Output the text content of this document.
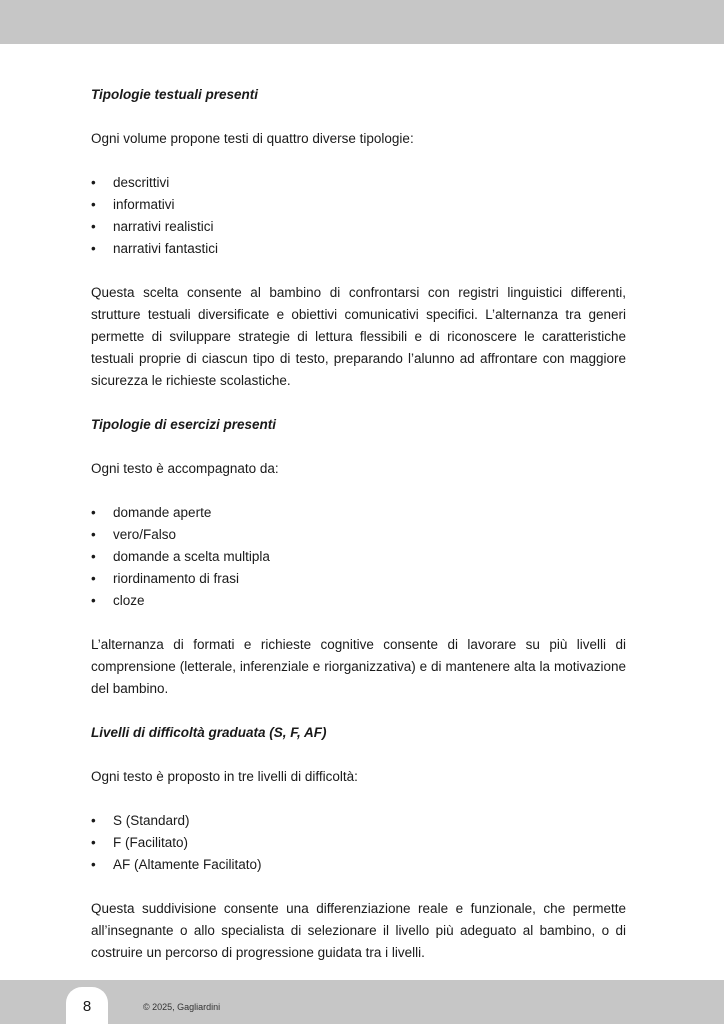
Tipologie testuali presenti

Ogni volume propone testi di quattro diverse tipologie:

•	descrittivi
•	informativi
•	narrativi realistici
•	narrativi fantastici

Questa scelta consente al bambino di confrontarsi con registri linguistici differenti, strutture testuali diversificate e obiettivi comunicativi specifici. L’alternanza tra generi permette di sviluppare strategie di lettura flessibili e di riconoscere le caratteristiche testuali proprie di ciascun tipo di testo, preparando l’alunno ad affrontare con maggiore sicurezza le richieste scolastiche.

Tipologie di esercizi presenti

Ogni testo è accompagnato da:

•	domande aperte
•	vero/Falso
•	domande a scelta multipla
•	riordinamento di frasi
•	cloze

L’alternanza di formati e richieste cognitive consente di lavorare su più livelli di comprensione (letterale, inferenziale e riorganizzativa) e di mantenere alta la motivazione del bambino.

Livelli di difficoltà graduata (S, F, AF)

Ogni testo è proposto in tre livelli di difficoltà:

•	S (Standard)
•	F (Facilitato)
•	AF (Altamente Facilitato)

Questa suddivisione consente una differenziazione reale e funzionale, che permette all’insegnante o allo specialista di selezionare il livello più adeguato al bambino, o di costruire un percorso di progressione guidata tra i livelli.

8	© 2025, Gagliardini
